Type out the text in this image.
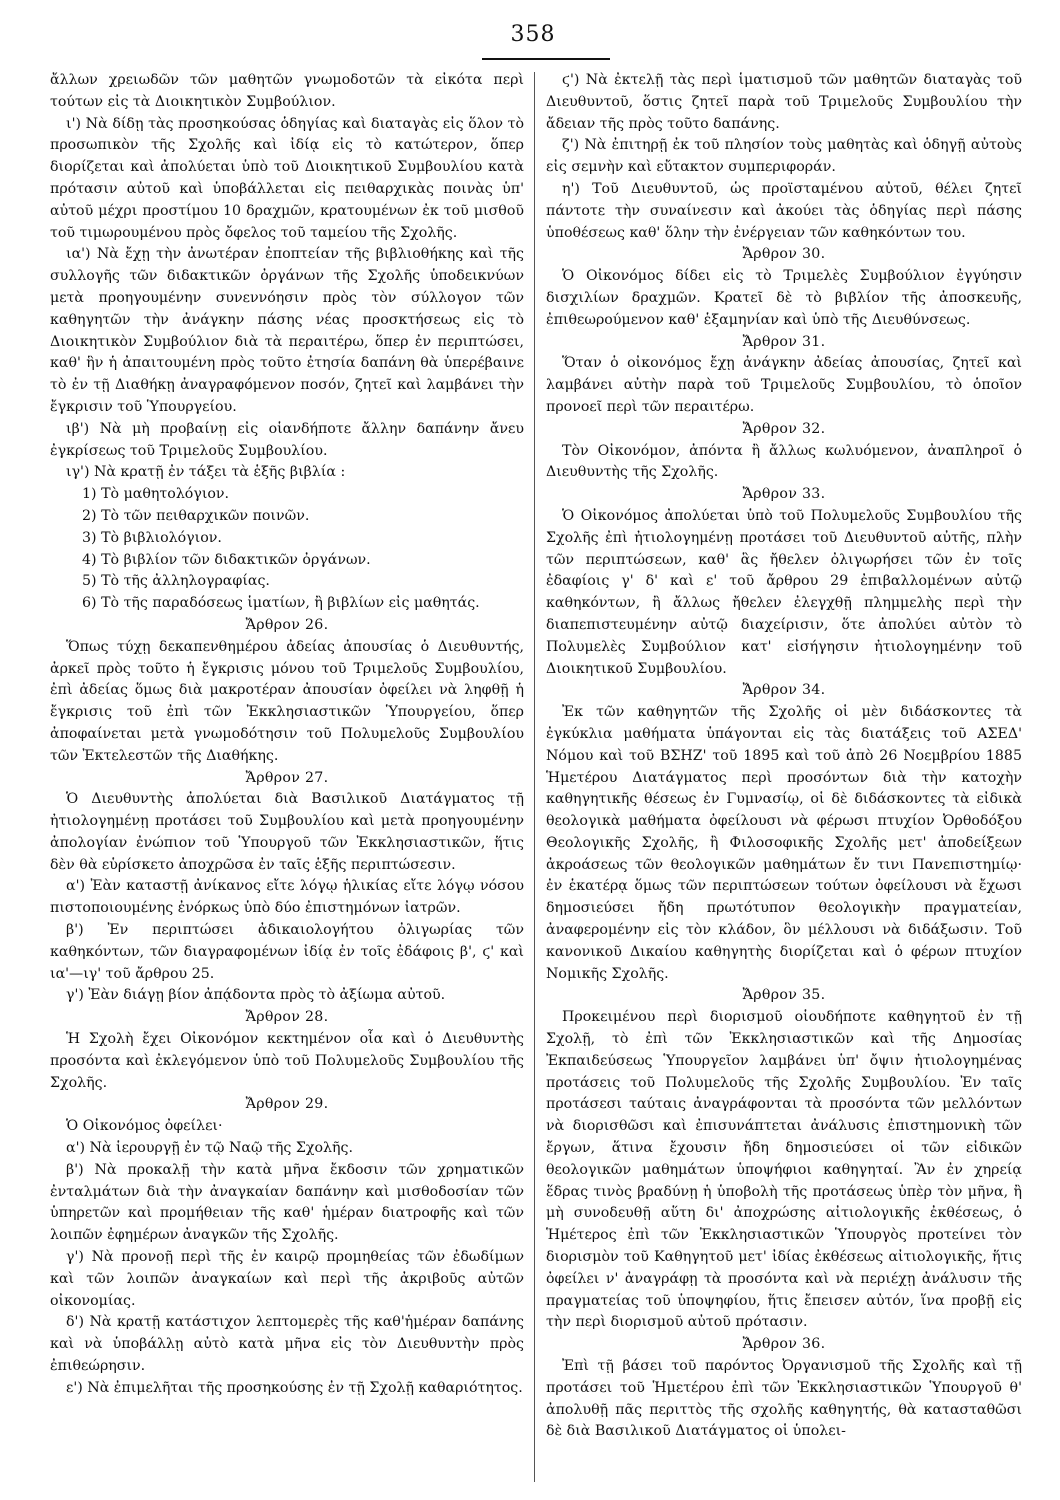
358

ἄλλων χρειωδῶν τῶν μαθητῶν γνωμοδοτῶν τὰ εἰκότα περὶ τούτων εἰς τὰ Διοικητικὸν Συμβούλιον.

ι') Νὰ δίδῃ τὰς προσηκούσας ὁδηγίας καὶ διαταγὰς εἰς ὅλον τὸ προσωπικὸν τῆς Σχολῆς καὶ ἰδίᾳ εἰς τὸ κατώτερον, ὅπερ διορίζεται καὶ ἀπολύεται ὑπὸ τοῦ Διοικητικοῦ Συμβουλίου κατὰ πρότασιν αὐτοῦ καὶ ὑποβάλλεται εἰς πειθαρχικὰς ποινὰς ὑπ' αὐτοῦ μέχρι προστίμου 10 δραχμῶν, κρατουμένων ἐκ τοῦ μισθοῦ τοῦ τιμωρουμένου πρὸς ὄφελος τοῦ ταμείου τῆς Σχολῆς.

ια') Νὰ ἔχῃ τὴν ἀνωτέραν ἐποπτείαν τῆς βιβλιοθήκης καὶ τῆς συλλογῆς τῶν διδακτικῶν ὀργάνων τῆς Σχολῆς ὑποδεικνύων μετὰ προηγουμένην συνεννόησιν πρὸς τὸν σύλλογον τῶν καθηγητῶν τὴν ἀνάγκην πάσης νέας προσκτήσεως εἰς τὸ Διοικητικὸν Συμβούλιον διὰ τὰ περαιτέρω, ὅπερ ἐν περιπτώσει, καθ' ἣν ἡ ἀπαιτουμένη πρὸς τοῦτο ἐτησία δαπάνη θὰ ὑπερέβαινε τὸ ἐν τῇ Διαθήκῃ ἀναγραφόμενον ποσόν, ζητεῖ καὶ λαμβάνει τὴν ἔγκρισιν τοῦ Ὑπουργείου.

ιβ') Νὰ μὴ προβαίνῃ εἰς οἱανδήποτε ἄλλην δαπάνην ἄνευ ἐγκρίσεως τοῦ Τριμελοῦς Συμβουλίου.

ιγ') Νὰ κρατῇ ἐν τάξει τὰ ἑξῆς βιβλία :

1) Τὸ μαθητολόγιον.

2) Τὸ τῶν πειθαρχικῶν ποινῶν.

3) Τὸ βιβλιολόγιον.

4) Τὸ βιβλίον τῶν διδακτικῶν ὀργάνων.

5) Τὸ τῆς ἀλληλογραφίας.

6) Τὸ τῆς παραδόσεως ἱματίων, ἢ βιβλίων εἰς μαθητάς.

Ἄρθρον 26.

Ὅπως τύχῃ δεκαπενθημέρου ἀδείας ἀπουσίας ὁ Διευθυντής, ἀρκεῖ πρὸς τοῦτο ἡ ἔγκρισις μόνου τοῦ Τριμελοῦς Συμβουλίου, ἐπὶ ἀδείας ὅμως διὰ μακροτέραν ἀπουσίαν ὀφείλει νὰ ληφθῇ ἡ ἔγκρισις τοῦ ἐπὶ τῶν Ἐκκλησιαστικῶν Ὑπουργείου, ὅπερ ἀποφαίνεται μετὰ γνωμοδότησιν τοῦ Πολυμελοῦς Συμβουλίου τῶν Ἐκτελεστῶν τῆς Διαθήκης.

Ἄρθρον 27.

Ὁ Διευθυντὴς ἀπολύεται διὰ Βασιλικοῦ Διατάγματος τῇ ἠτιολογημένῃ προτάσει τοῦ Συμβουλίου καὶ μετὰ προηγουμένην ἀπολογίαν ἐνώπιον τοῦ Ὑπουργοῦ τῶν Ἐκκλησιαστικῶν, ἥτις δὲν θὰ εὑρίσκετο ἀποχρῶσα ἐν ταῖς ἑξῆς περιπτώσεσιν.

α') Ἐὰν καταστῇ ἀνίκανος εἴτε λόγῳ ἡλικίας εἴτε λόγῳ νόσου πιστοποιουμένης ἐνόρκως ὑπὸ δύο ἐπιστημόνων ἰατρῶν.

β') Ἐν περιπτώσει ἀδικαιολογήτου ὀλιγωρίας τῶν καθηκόντων, τῶν διαγραφομένων ἰδίᾳ ἐν τοῖς ἐδάφοις β', ϛ' καὶ ια'—ιγ' τοῦ ἄρθρου 25.

γ') Ἐὰν διάγῃ βίον ἀπᾴδοντα πρὸς τὸ ἀξίωμα αὐτοῦ.

Ἄρθρον 28.

Ἡ Σχολὴ ἔχει Οἰκονόμον κεκτημένον οἷα καὶ ὁ Διευθυντὴς προσόντα καὶ ἐκλεγόμενον ὑπὸ τοῦ Πολυμελοῦς Συμβουλίου τῆς Σχολῆς.

Ἄρθρον 29.

Ὁ Οἰκονόμος ὀφείλει·

α') Νὰ ἱερουργῇ ἐν τῷ Ναῷ τῆς Σχολῆς.

β') Νὰ προκαλῇ τὴν κατὰ μῆνα ἔκδοσιν τῶν χρηματικῶν ἐνταλμάτων διὰ τὴν ἀναγκαίαν δαπάνην καὶ μισθοδοσίαν τῶν ὑπηρετῶν καὶ προμήθειαν τῆς καθ' ἡμέραν διατροφῆς καὶ τῶν λοιπῶν ἐφημέρων ἀναγκῶν τῆς Σχολῆς.

γ') Νὰ προνοῇ περὶ τῆς ἐν καιρῷ προμηθείας τῶν ἐδωδίμων καὶ τῶν λοιπῶν ἀναγκαίων καὶ περὶ τῆς ἀκριβοῦς αὐτῶν οἰκονομίας.

δ') Νὰ κρατῇ κατάστιχον λεπτομερὲς τῆς καθ'ἡμέραν δαπάνης καὶ νὰ ὑποβάλλῃ αὐτὸ κατὰ μῆνα εἰς τὸν Διευθυντὴν πρὸς ἐπιθεώρησιν.

ε') Νὰ ἐπιμελῆται τῆς προσηκούσης ἐν τῇ Σχολῇ καθαριότητος.

ϛ') Νὰ ἐκτελῇ τὰς περὶ ἱματισμοῦ τῶν μαθητῶν διαταγὰς τοῦ Διευθυντοῦ, ὅστις ζητεῖ παρὰ τοῦ Τριμελοῦς Συμβουλίου τὴν ἄδειαν τῆς πρὸς τοῦτο δαπάνης.

ζ') Νὰ ἐπιτηρῇ ἐκ τοῦ πλησίον τοὺς μαθητὰς καὶ ὁδηγῇ αὐτοὺς εἰς σεμνὴν καὶ εὔτακτον συμπεριφοράν.

η') Τοῦ Διευθυντοῦ, ὡς προϊσταμένου αὐτοῦ, θέλει ζητεῖ πάντοτε τὴν συναίνεσιν καὶ ἀκούει τὰς ὁδηγίας περὶ πάσης ὑποθέσεως καθ' ὅλην τὴν ἐνέργειαν τῶν καθηκόντων του.

Ἄρθρον 30.

Ὁ Οἰκονόμος δίδει εἰς τὸ Τριμελὲς Συμβούλιον ἐγγύησιν δισχιλίων δραχμῶν. Κρατεῖ δὲ τὸ βιβλίον τῆς ἀποσκευῆς, ἐπιθεωρούμενον καθ' ἑξαμηνίαν καὶ ὑπὸ τῆς Διευθύνσεως.

Ἄρθρον 31.

Ὅταν ὁ οἰκονόμος ἔχῃ ἀνάγκην ἀδείας ἀπουσίας, ζητεῖ καὶ λαμβάνει αὐτὴν παρὰ τοῦ Τριμελοῦς Συμβουλίου, τὸ ὁποῖον προνοεῖ περὶ τῶν περαιτέρω.

Ἄρθρον 32.

Τὸν Οἰκονόμον, ἀπόντα ἢ ἄλλως κωλυόμενον, ἀναπληροῖ ὁ Διευθυντὴς τῆς Σχολῆς.

Ἄρθρον 33.

Ὁ Οἰκονόμος ἀπολύεται ὑπὸ τοῦ Πολυμελοῦς Συμβουλίου τῆς Σχολῆς ἐπὶ ἠτιολογημένῃ προτάσει τοῦ Διευθυντοῦ αὐτῆς, πλὴν τῶν περιπτώσεων, καθ' ἃς ἤθελεν ὀλιγωρήσει τῶν ἐν τοῖς ἐδαφίοις γ' δ' καὶ ε' τοῦ ἄρθρου 29 ἐπιβαλλομένων αὐτῷ καθηκόντων, ἢ ἄλλως ἤθελεν ἐλεγχθῇ πλημμελὴς περὶ τὴν διαπεπιστευμένην αὐτῷ διαχείρισιν, ὅτε ἀπολύει αὐτὸν τὸ Πολυμελὲς Συμβούλιον κατ' εἰσήγησιν ἠτιολογημένην τοῦ Διοικητικοῦ Συμβουλίου.

Ἄρθρον 34.

Ἐκ τῶν καθηγητῶν τῆς Σχολῆς οἱ μὲν διδάσκοντες τὰ ἐγκύκλια μαθήματα ὑπάγονται εἰς τὰς διατάξεις τοῦ ΑΣΕΔ' Νόμου καὶ τοῦ ΒΣΗΖ' τοῦ 1895 καὶ τοῦ ἀπὸ 26 Νοεμβρίου 1885 Ἡμετέρου Διατάγματος περὶ προσόντων διὰ τὴν κατοχὴν καθηγητικῆς θέσεως ἐν Γυμνασίῳ, οἱ δὲ διδάσκοντες τὰ εἰδικὰ θεολογικὰ μαθήματα ὀφείλουσι νὰ φέρωσι πτυχίον Ὀρθοδόξου Θεολογικῆς Σχολῆς, ἢ Φιλοσοφικῆς Σχολῆς μετ' ἀποδείξεων ἀκροάσεως τῶν θεολογικῶν μαθημάτων ἔν τινι Πανεπιστημίῳ· ἐν ἑκατέρᾳ ὅμως τῶν περιπτώσεων τούτων ὀφείλουσι νὰ ἔχωσι δημοσιεύσει ἤδη πρωτότυπον θεολογικὴν πραγματείαν, ἀναφερομένην εἰς τὸν κλάδον, ὃν μέλλουσι νὰ διδάξωσιν. Τοῦ κανονικοῦ Δικαίου καθηγητὴς διορίζεται καὶ ὁ φέρων πτυχίον Νομικῆς Σχολῆς.

Ἄρθρον 35.

Προκειμένου περὶ διορισμοῦ οἱουδήποτε καθηγητοῦ ἐν τῇ Σχολῇ, τὸ ἐπὶ τῶν Ἐκκλησιαστικῶν καὶ τῆς Δημοσίας Ἐκπαιδεύσεως Ὑπουργεῖον λαμβάνει ὑπ' ὄψιν ἠτιολογημένας προτάσεις τοῦ Πολυμελοῦς τῆς Σχολῆς Συμβουλίου. Ἐν ταῖς προτάσεσι ταύταις ἀναγράφονται τὰ προσόντα τῶν μελλόντων νὰ διορισθῶσι καὶ ἐπισυνάπτεται ἀνάλυσις ἐπιστημονικὴ τῶν ἔργων, ἅτινα ἔχουσιν ἤδη δημοσιεύσει οἱ τῶν εἰδικῶν θεολογικῶν μαθημάτων ὑποψήφιοι καθηγηταί. Ἂν ἐν χηρείᾳ ἕδρας τινὸς βραδύνῃ ἡ ὑποβολὴ τῆς προτάσεως ὑπὲρ τὸν μῆνα, ἢ μὴ συνοδευθῇ αὕτη δι' ἀποχρώσης αἰτιολογικῆς ἐκθέσεως, ὁ Ἡμέτερος ἐπὶ τῶν Ἐκκλησιαστικῶν Ὑπουργὸς προτείνει τὸν διορισμὸν τοῦ Καθηγητοῦ μετ' ἰδίας ἐκθέσεως αἰτιολογικῆς, ἥτις ὀφείλει ν' ἀναγράφῃ τὰ προσόντα καὶ νὰ περιέχῃ ἀνάλυσιν τῆς πραγματείας τοῦ ὑποψηφίου, ἥτις ἔπεισεν αὐτόν, ἵνα προβῇ εἰς τὴν περὶ διορισμοῦ αὐτοῦ πρότασιν.

Ἄρθρον 36.

Ἐπὶ τῇ βάσει τοῦ παρόντος Ὀργανισμοῦ τῆς Σχολῆς καὶ τῇ προτάσει τοῦ Ἡμετέρου ἐπὶ τῶν Ἐκκλησιαστικῶν Ὑπουργοῦ θ' ἀπολυθῇ πᾶς περιττὸς τῆς σχολῆς καθηγητής, θὰ κατασταθῶσι δὲ διὰ Βασιλικοῦ Διατάγματος οἱ ὑπολει-
